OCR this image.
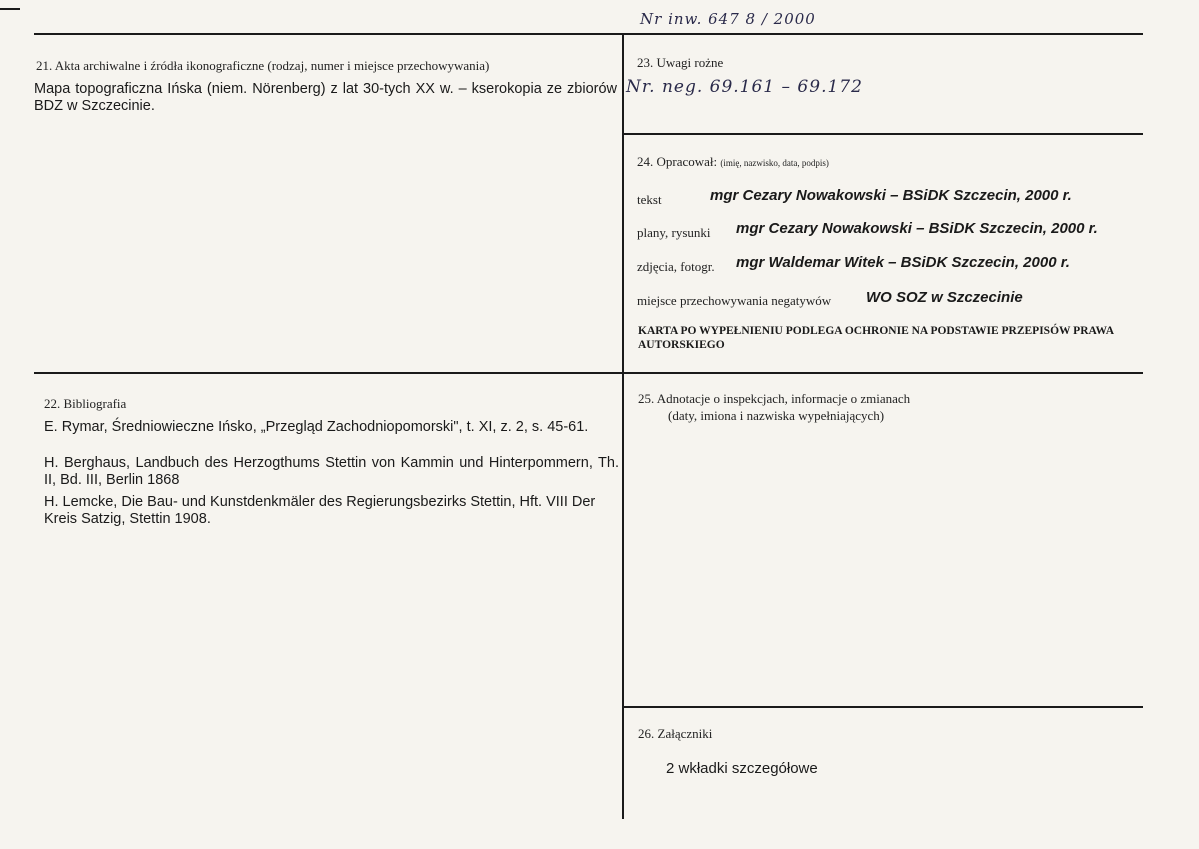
Nr inw. 647 8 / 2000
21. Akta archiwalne i źródła ikonograficzne (rodzaj, numer i miejsce przechowywania)
Mapa topograficzna Ińska (niem. Nörenberg) z lat 30-tych XX w. – kserokopia ze zbiorów BDZ w Szczecinie.
23. Uwagi rożne
Nr. neg. 69.161 – 69.172
24. Opracował: (imię, nazwisko, data, podpis)
tekst	mgr Cezary Nowakowski – BSiDK Szczecin, 2000 r.
plany, rysunki mgr Cezary Nowakowski – BSiDK Szczecin, 2000 r.
zdjęcia, fotogr. mgr Waldemar Witek – BSiDK Szczecin, 2000 r.
miejsce przechowywania negatywów WO SOZ w Szczecinie
KARTA PO WYPEŁNIENIU PODLEGA OCHRONIE NA PODSTAWIE PRZEPISÓW PRAWA AUTORSKIEGO
22. Bibliografia
E. Rymar, Średniowieczne Ińsko, „Przegląd Zachodniopomorski", t. XI, z. 2, s. 45-61.
H. Berghaus, Landbuch des Herzogthums Stettin von Kammin und Hinterpommern, Th. II, Bd. III, Berlin 1868
H. Lemcke, Die Bau- und Kunstdenkmäler des Regierungsbezirks Stettin, Hft. VIII Der Kreis Satzig, Stettin 1908.
25. Adnotacje o inspekcjach, informacje o zmianach
(daty, imiona i nazwiska wypełniających)
26. Załączniki
2 wkładki szczegółowe
